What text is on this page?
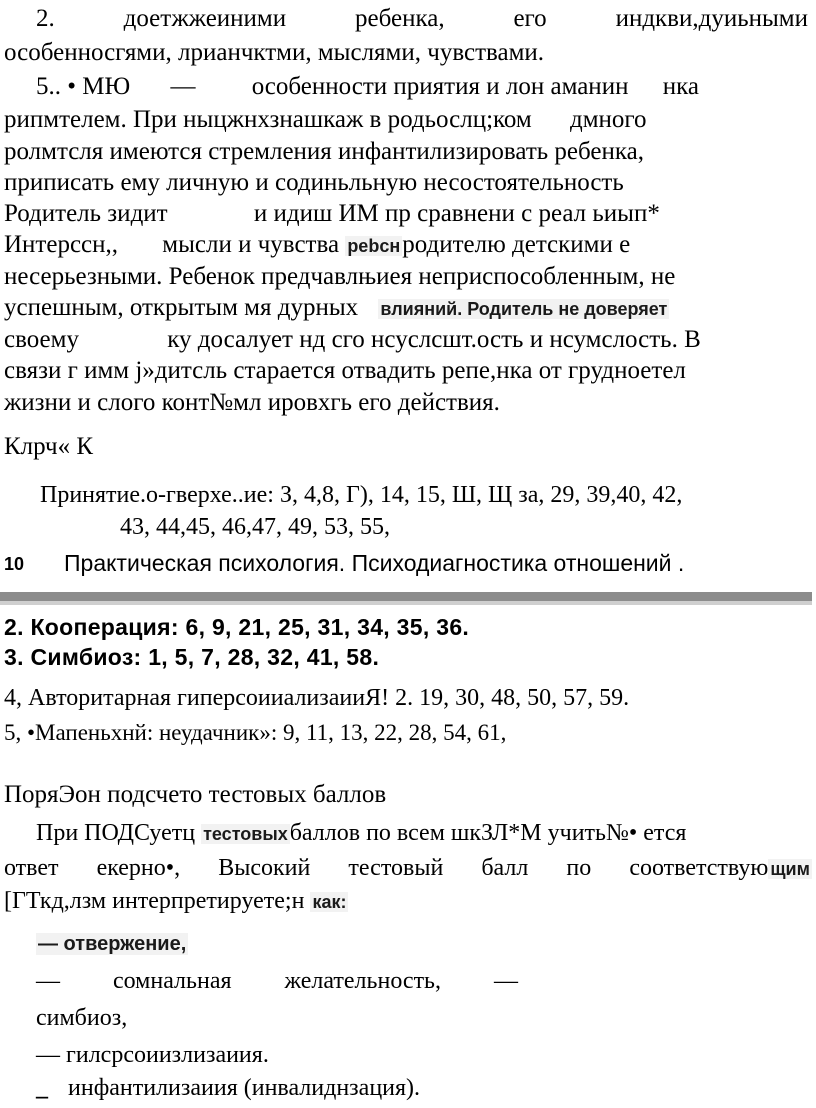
2.	доетжжеиними	ребенка,	его	индкви,дуиьными
особенносгями, лрианчктми, мыслями, чувствами.
5.. • МЮ — особенности приятия и лон аманин нка
рипмтелем. При ныцжнхзнашкаж в родьослц;ком дмного
ролмтсля имеются стремления инфантилизировать ребенка,
приписать ему личную и содиньльную несостоятельность
Родитель зидит	и идиш ИМ пр сравнени с реал ьиып*
Интерссн,, мысли и чувства рebснродителю детскими е
несерьезными. Ребенок предчавлњиея неприспособленным, не
успешным, открытым мя дурных влияний. Родитель не доверяет
своему	ку досалует нд сго нсуслсшт.ость и нсумслость. В
связи г имм j»дитсль старается отвадить репе,нка от грудноетел
жизни и слого конт№мл иpовхгь его действия.
Клрч« К
Принятие.о-гверхе..ие: З, 4,8, Г), 14, 15, Ш, Щ за, 29, 39,40, 42,
43, 44,45, 46,47, 49, 53, 55,
10 Практическая психология. Психодиагностика отношений .
2. Кооперация: 6, 9, 21, 25, 31, 34, 35, 36.
3. Симбиоз: 1, 5, 7, 28, 32, 41, 58.
4, Авторитарная гиперсоииализаииЯ! 2. 19, 30, 48, 50, 57, 59.
5, •Мапеньхнй: неудачник»: 9, 11, 13, 22, 28, 54, 61,
ПоряЭон подсчето тестовых баллов
При ПОДСуетц тестовыхбаллов по всем шкЗЛ*М учить№• ется
ответ екерно•, Высокий тестовый балл по соответствую щим
[ГТкд,лзм интерпретируете;н как:
— отвержение,
— сомнальная желательность, —
симбиоз,
— гилсрсоиизлизаиия.
_ инфантилизаиия (инвалиднзация).
